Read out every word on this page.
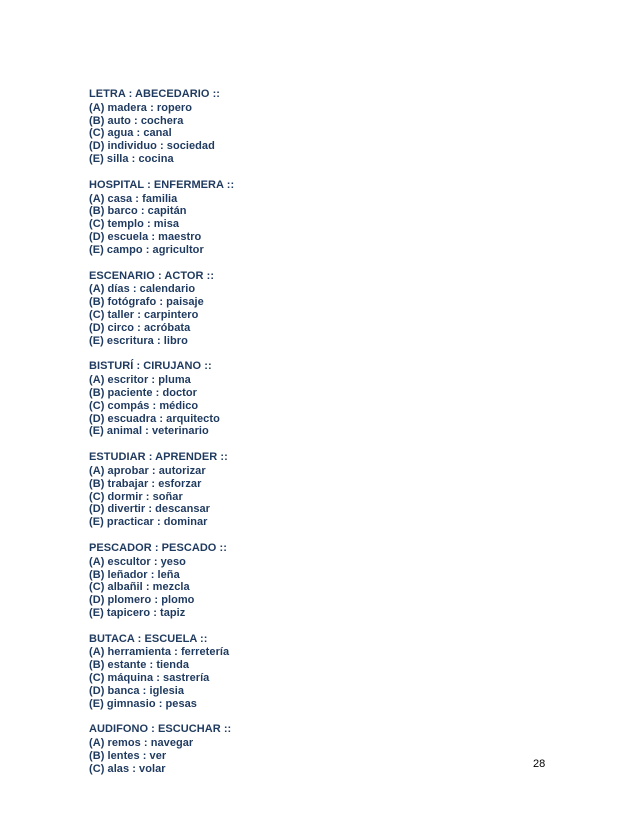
LETRA : ABECEDARIO ::
(A) madera : ropero
(B) auto : cochera
(C) agua : canal
(D) individuo : sociedad
(E) silla : cocina
HOSPITAL : ENFERMERA ::
(A) casa : familia
(B) barco : capitán
(C) templo : misa
(D) escuela : maestro
(E) campo : agricultor
ESCENARIO : ACTOR ::
(A) días : calendario
(B) fotógrafo : paisaje
(C) taller : carpintero
(D) circo : acróbata
(E) escritura : libro
BISTURÍ : CIRUJANO ::
(A) escritor : pluma
(B) paciente : doctor
(C) compás : médico
(D) escuadra : arquitecto
(E) animal : veterinario
ESTUDIAR : APRENDER ::
(A) aprobar : autorizar
(B) trabajar : esforzar
(C) dormir : soñar
(D) divertir : descansar
(E) practicar : dominar
PESCADOR : PESCADO ::
(A) escultor : yeso
(B) leñador : leña
(C) albañil : mezcla
(D) plomero : plomo
(E) tapicero : tapiz
BUTACA : ESCUELA ::
(A) herramienta : ferretería
(B) estante : tienda
(C) máquina : sastrería
(D) banca : iglesia
(E) gimnasio : pesas
AUDIFONO : ESCUCHAR ::
(A) remos : navegar
(B) lentes : ver
(C) alas : volar	28
